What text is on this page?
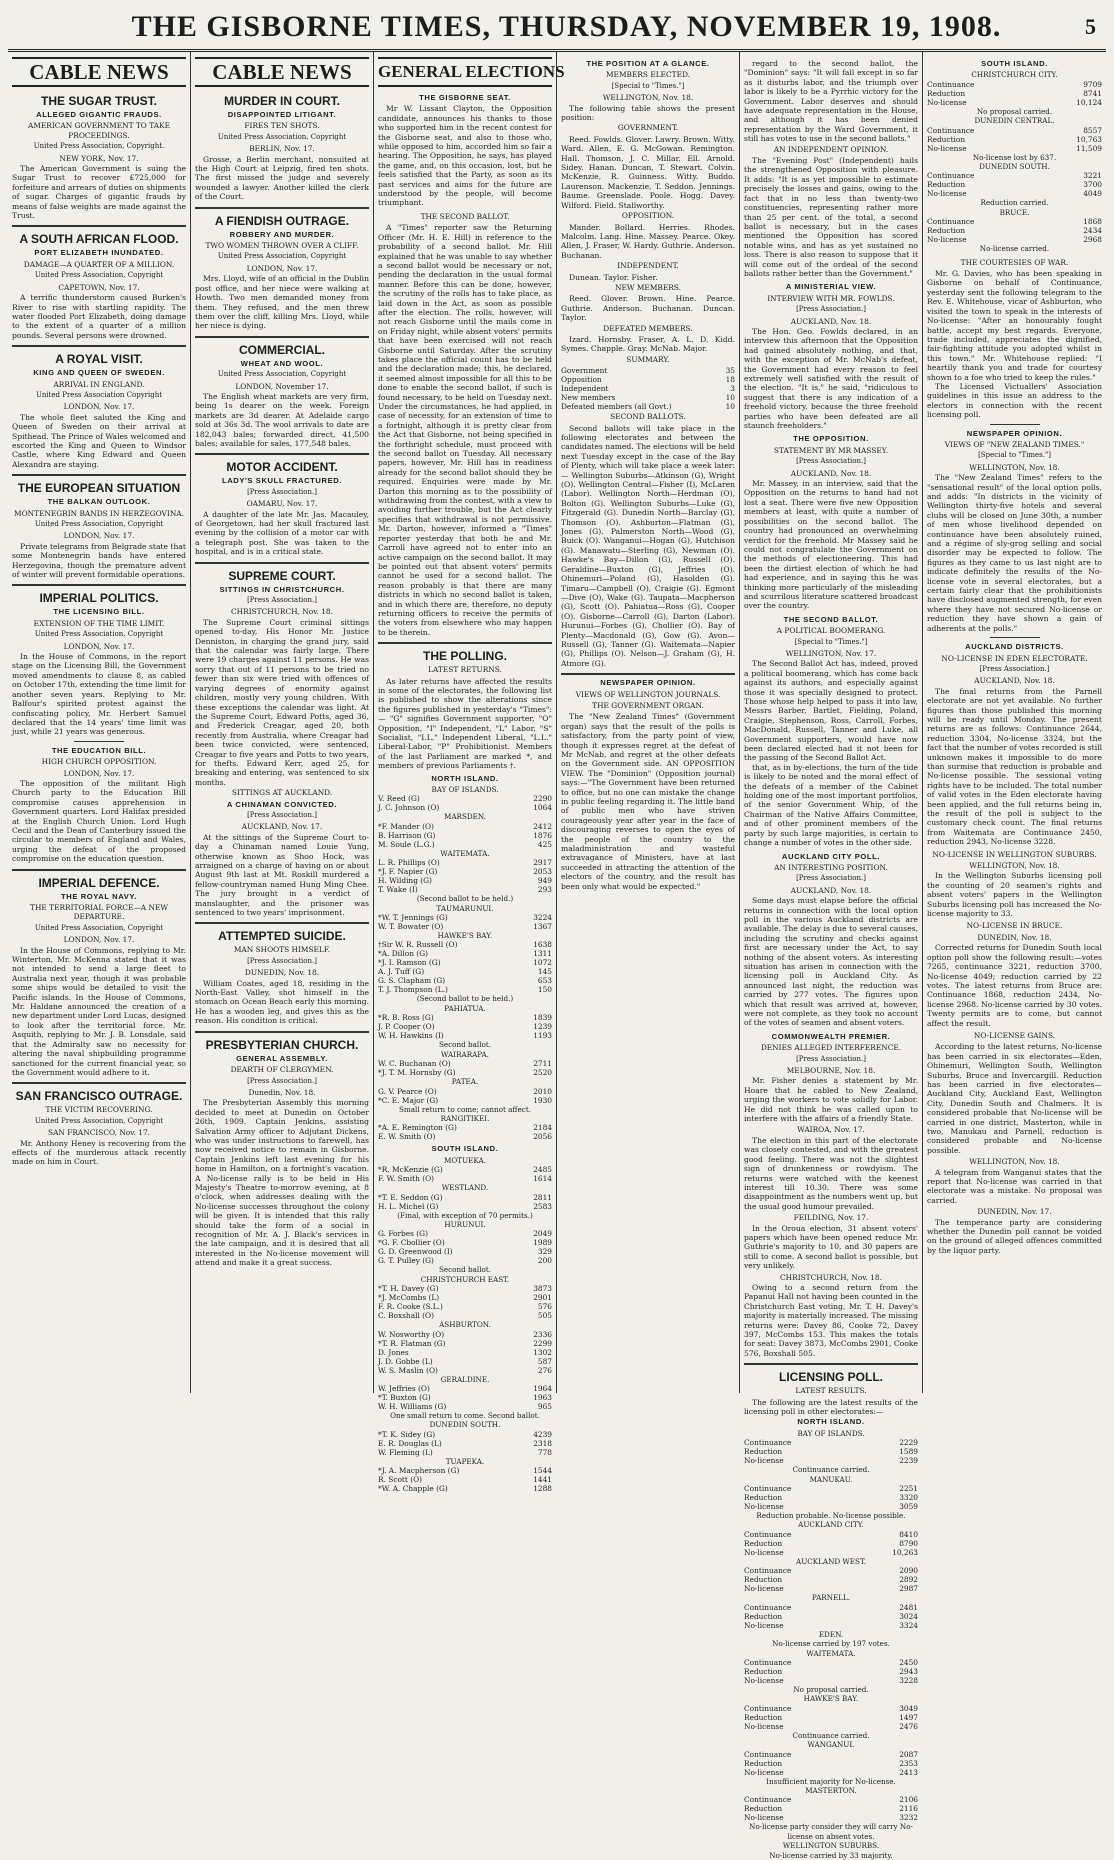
THE GISBORNE TIMES, THURSDAY, NOVEMBER 19, 1908.	5
CABLE NEWS
THE SUGAR TRUST.
ALLEGED GIGANTIC FRAUDS.
AMERICAN GOVERNMENT TO TAKE PROCEEDINGS.
United Press Association, Copyright.
NEW YORK, Nov. 17.

The American Government is suing the Sugar Trust to recover £725,000 for forfeiture and arrears of duties on shipments of sugar. Charges of gigantic frauds by means of false weights are made against the Trust.

A SOUTH AFRICAN FLOOD.
PORT ELIZABETH INUNDATED.
DAMAGE—A QUARTER OF A MILLION.
United Press Association, Copyright
CAPETOWN, Nov. 17.

A terrific thunderstorm caused Burken's River to rise with startling rapidity. The water flooded Port Elizabeth, doing damage to the extent of a quarter of a million pounds. Several persons were drowned.

A ROYAL VISIT.
KING AND QUEEN OF SWEDEN.
ARRIVAL IN ENGLAND.
United Press Association Copyright
LONDON, Nov. 17.

The whole fleet saluted the King and Queen of Sweden on their arrival at Spithead. The Prince of Wales welcomed and escorted the King and Queen to Windsor Castle, where King Edward and Queen Alexandra are staying.

THE EUROPEAN SITUATION
THE BALKAN OUTLOOK.
MONTENEGRIN BANDS IN HERZEGOVINA.
United Press Association, Copyright
LONDON, Nov. 17.

Private telegrams from Belgrade state that some Montenegrin bands have entered Herzegovina, though the premature advent of winter will prevent formidable operations.

IMPERIAL POLITICS.
THE LICENSING BILL.
EXTENSION OF THE TIME LIMIT.
United Press Association, Copyright
LONDON, Nov. 17.

In the House of Commons, in the report stage on the Licensing Bill, the Government moved amendments to clause 8, as cabled on October 17th, extending the time limit for another seven years. Replying to Mr. Balfour's spirited protest against the confiscating policy, Mr. Herbert Samuel declared that the 14 years' time limit was just, while 21 years was generous.

THE EDUCATION BILL.
HIGH CHURCH OPPOSITION.
LONDON, Nov. 17.

The opposition of the militant High Church party to the Education Bill compromise causes apprehension in Government quarters. Lord Halifax presided at the English Church Union. Lord Hugh Cecil and the Dean of Canterbury issued the circular to members of England and Wales, urging the defeat of the proposed compromise on the education question.

IMPERIAL DEFENCE.
THE ROYAL NAVY.
THE TERRITORIAL FORCE—A NEW DEPARTURE.
United Press Association, Copyright
LONDON, Nov. 17.

In the House of Commons, replying to Mr. Winterton, Mr. McKenna stated that it was not intended to send a large fleet to Australia next year, though it was probable some ships would be detailed to visit the Pacific islands. In the House of Commons, Mr. Haldane announced the creation of a new department under Lord Lucas, designed to look after the territorial force. Mr. Asquith, replying to Mr. J. B. Lonsdale, said that the Admiralty saw no necessity for altering the naval shipbuilding programme sanctioned for the current financial year, so the Government would adhere to it.

SAN FRANCISCO OUTRAGE.
THE VICTIM RECOVERING.
United Press Association, Copyright
SAN FRANCISCO, Nov. 17.

Mr. Anthony Heney is recovering from the effects of the murderous attack recently made on him in Court.

CABLE NEWS
MURDER IN COURT.
DISAPPOINTED LITIGANT.
FIRES TEN SHOTS.
United Press Association, Copyright
BERLIN, Nov. 17.

Grosse, a Berlin merchant, nonsuited at the High Court at Leipzig, fired ten shots. The first missed the judge and severely wounded a lawyer. Another killed the clerk of the Court.

A FIENDISH OUTRAGE.
ROBBERY AND MURDER.
TWO WOMEN THROWN OVER A CLIFF.
United Press Association, Copyright
LONDON, Nov. 17.

Mrs. Lloyd, wife of an official in the Dublin post office, and her niece were walking at Howth. Two men demanded money from them. They refused, and the men threw them over the cliff, killing Mrs. Lloyd, while her niece is dying.

COMMERCIAL.
WHEAT AND WOOL.
United Press Association, Copyright
LONDON, November 17.

The English wheat markets are very firm, being 1s dearer on the week. Foreign markets are 3d dearer. At Adelaide cargo sold at 36s 3d. The wool arrivals to date are 182,043 bales; forwarded direct, 41,500 bales; available for sales, 177,548 bales.

MOTOR ACCIDENT.
LADY'S SKULL FRACTURED.
[Press Association.]
OAMARU, Nov. 17.

A daughter of the late Mr. Jas. Macauley, of Georgetown, had her skull fractured last evening by the collision of a motor car with a telegraph post. She was taken to the hospital, and is in a critical state.

SUPREME COURT.
SITTINGS IN CHRISTCHURCH.
[Press Association.]
CHRISTCHURCH, Nov. 18.

The Supreme Court criminal sittings opened to-day, His Honor Mr. Justice Denniston, in charging the grand jury, said that the calendar was fairly large. There were 19 charges against 11 persons. He was sorry that out of 11 persons to be tried no fewer than six were tried with offences of varying degrees of enormity against children, mostly very young children. With these exceptions the calendar was light. At the Supreme Court, Edward Potts, aged 36, and Frederick Creagar, aged 20, both recently from Australia, where Creagar had been twice convicted, were sentenced, Creagar to five years and Potts to two years, for thefts. Edward Kerr, aged 25, for breaking and entering, was sentenced to six months.

SITTINGS AT AUCKLAND.
A CHINAMAN CONVICTED.
[Press Association.]
AUCKLAND, Nov. 17.

At the sittings of the Supreme Court to-day a Chinaman named Louie Yung, otherwise known as Shoo Hock, was arraigned on a charge of having on or about August 9th last at Mt. Roskill murdered a fellow-countryman named Hung Ming Chee. The jury brought in a verdict of manslaughter, and the prisoner was sentenced to two years' imprisonment.

ATTEMPTED SUICIDE.
MAN SHOOTS HIMSELF.
[Press Association.]
DUNEDIN, Nov. 18.

William Coates, aged 18, residing in the North-East Valley, shot himself in the stomach on Ocean Beach early this morning. He has a wooden leg, and gives this as the reason. His condition is critical.

PRESBYTERIAN CHURCH.
GENERAL ASSEMBLY.
DEARTH OF CLERGYMEN.
[Press Association.]
Dunedin, Nov. 18.

The Presbyterian Assembly this morning decided to meet at Dunedin on October 26th, 1909. Captain Jenkins, assisting Salvation Army officer to Adjutant Dickens, who was under instructions to farewell, has now received notice to remain in Gisborne. Captain Jenkins left last evening for his home in Hamilton, on a fortnight's vacation. A No-license rally is to be held in His Majesty's Theatre to-morrow evening, at 8 o'clock, when addresses dealing with the No-license successes throughout the colony will be given. It is intended that this rally should take the form of a social in recognition of Mr. A. J. Black's services in the late campaign, and it is desired that all interested in the No-license movement will attend and make it a great success.

GENERAL ELECTIONS
THE GISBORNE SEAT.

Mr W. Lissant Clayton, the Opposition candidate, announces his thanks to those who supported him in the recent contest for the Gisborne seat, and also to those who, while opposed to him, accorded him so fair a hearing. The Opposition, he says, has played the game, and, on this occasion, lost, but he feels satisfied that the Party, as soon as its past services and aims for the future are understood by the people, will become triumphant.

THE SECOND BALLOT.

A "Times" reporter saw the Returning Officer (Mr. H. E. Hill) in reference to the probability of a second ballot. Mr. Hill explained that he was unable to say whether a second ballot would be necessary or not, pending the declaration in the usual formal manner. Before this can be done, however, the scrutiny of the rolls has to take place, as laid down in the Act, as soon as possible after the election. The rolls, however, will not reach Gisborne until the mails come in on Friday night, while absent voters' permits that have been exercised will not reach Gisborne until Saturday. After the scrutiny takes place the official count has to be held and the declaration made; this, he declared, it seemed almost impossible for all this to be done to enable the second ballot, if such is found necessary, to be held on Tuesday next. Under the circumstances, he had applied, in case of necessity, for an extension of time to a fortnight, although it is pretty clear from the Act that Gisborne, not being specified in the forthright schedule, must proceed with the second ballot on Tuesday. All necessary papers, however, Mr. Hill has in readiness already for the second ballot should they be required. Enquiries were made by Mr. Darton this morning as to the possibility of withdrawing from the contest, with a view to avoiding further trouble, but the Act clearly specifies that withdrawal is not permissive. Mr. Darton, however, informed a "Times" reporter yesterday that both he and Mr. Carroll have agreed not to enter into an active campaign on the second ballot. It may be pointed out that absent voters' permits cannot be used for a second ballot. The reason probably is that there are many districts in which no second ballot is taken, and in which there are, therefore, no deputy returning officers to receive the permits of the voters from elsewhere who may happen to be therein.

THE POLLING.
LATEST RETURNS.

As later returns have affected the results in some of the electorates, the following list is published to show the alterations since the figures published in yesterday's "Times":— "G" signifies Government supporter, "O" Opposition, "I" Independent, "L" Labor, "S" Socialist, "I.L." Independent Liberal, "L.L." Liberal-Labor, "P" Prohibitionist. Members of the last Parliament are marked *, and members of previous Parliaments †.

NORTH ISLAND.
BAY OF ISLANDS.
V. Reed (G)	2290
J. C. Johnson (O)	1064
MARSDEN.
*F. Mander (O)	2412
B. Harrison (G)	1876
M. Soule (L.G.)	425
WAITEMATA.
L. R. Phillips (O)	2917
*J. F. Napier (G)	2053
H. Wilding (G)	949
T. Wake (I)	293
(Second ballot to be held.)
TAUMARUNUI.
*W. T. Jennings (G)	3224
W. T. Bowater (O)	1367
HAWKE'S BAY.
†Sir W. R. Russell (O)	1638
*A. Dillon (G)	1311
*J. I. Ramson (G)	1072
A. J. Tuff (G)	145
G. S. Clapham (G)	653
T. J. Thompson (L.)	150
(Second ballot to be held.)
PAHIATUA.
*R. B. Ross (G)	1839
J. P. Cooper (O)	1239
W. H. Hawkins (I)	1193
Second ballot.
WAIRARAPA.
W. C. Buchanan (O)	2711
*J. T. M. Hornsby (G)	2520
PATEA.
G. V. Pearce (O)	2010
*C. E. Major (G)	1930
Small return to come; cannot affect.
RANGITIKEI.
*A. E. Remington (G)	2184
E. W. Smith (O)	2056
SOUTH ISLAND.
MOTUEKA.
*R. McKenzie (G)	2485
F. W. Smith (O)	1614
WESTLAND.
*T. E. Seddon (G)	2811
H. L. Michel (G)	2583
(Final, with exception of 70 permits.)
HURUNUI.
G. Forbes (G)	2049
*G. F. Cbollier (O)	1989
G. D. Greenwood (I)	329
G. T. Pulley (G)	200
Second ballot.
CHRISTCHURCH EAST.
*T. H. Davey (G)	3873
*J. McCombs (L)	2901
F. R. Cooke (S.L.)	576
C. Boxshall (O)	505
ASHBURTON.
W. Nosworthy (O)	2336
*T. R. Flatman (G)	2299
D. Jones	1302
J. D. Gobbe (L)	587
W. S. Maslin (O)	276
GERALDINE.
W. Jeffries (O)	1964
*T. Buxton (G)	1963
W. H. Williams (G)	965
One small return to come. Second ballot.
DUNEDIN SOUTH.
*T. K. Sidey (G)	4239
E. R. Douglas (L)	2318
W. Fleming (L)	778
TUAPEKA.
*J. A. Macpherson (G)	1544
R. Scott (O)	1441
*W. A. Chapple (G)	1288
THE POSITION AT A GLANCE.
MEMBERS ELECTED.
[Special to "Times."]
WELLINGTON, Nov. 18.

The following table shows the present position:

GOVERNMENT.

Reed. Fowlds. Glover. Lawry. Brown. Witty. Ward. Allen, E. G. McGowan. Remington. Hall. Thomson, J. C. Millar. Ell. Arnold. Sidey. Hanan. Duncan, T. Stewart. Colvin. McKenzie, R. Guinness. Witty. Buddo. Laurenson. Mackenzie, T. Seddon. Jennings. Baume. Greenslade. Poole. Hogg. Davey. Wilford. Field. Stallworthy.

OPPOSITION.

Mander. Bollard. Herries. Rhodes. Malcolm. Lang. Hine. Massey. Pearce. Okey. Allen, J. Fraser, W. Hardy. Guthrie. Anderson. Buchanan.

INDEPENDENT.

Dunean. Taylor. Fisher.

NEW MEMBERS.

Reed. Glover. Brown. Hine. Pearce. Guthrie. Anderson. Buchanan. Duncan. Taylor.

DEFEATED MEMBERS.

Izard. Hornsby. Fraser, A. L. D. Kidd. Symes. Chapple. Gray. McNab. Major.

SUMMARY.
Government	35
Opposition	18
Independent	3
New members	10
Defeated members (all Govt.)	10
SECOND BALLOTS.

Second ballots will take place in the following electorates and between the candidates named. The elections will be held next Tuesday except in the case of the Bay of Plenty, which will take place a week later:— Wellington Suburbs—Atkinson (G), Wright (O). Wellington Central—Fisher (I), McLaren (Labor). Wellington North—Herdman (O), Bolton (G). Wellington Suburbs—Luke (G), Fitzgerald (G). Dunedin North—Barclay (G), Thomson (O). Ashburton—Flatman (G), Jones (G). Palmerston North—Wood (G), Buick (O). Wanganui—Hogan (G), Hutchison (G). Manawatu—Sterling (G), Newman (O). Hawke's Bay—Dillon (G), Russell (O). Geraldine—Buxton (G), Jeffries (O). Ohinemuri—Poland (G), Hasolden (G). Timaru—Campbell (O), Craigie (G). Egmont—Dive (O), Wake (G). Taupata—Macpherson (G), Scott (O). Pahiatua—Ross (G), Cooper (O). Gisborne—Carroll (G), Darton (Labor). Hurunui—Forbes (G), Chollier (O). Bay of Plenty—Macdonald (G), Gow (G). Avon—Russell (G), Tanner (G). Waitemata—Napier (G), Phillips (O). Nelson—J. Graham (G), H. Atmore (G).

NEWSPAPER OPINION.
VIEWS OF WELLINGTON JOURNALS.
THE GOVERNMENT ORGAN.

The "New Zealand Times" (Government organ) says that the result of the polls is satisfactory, from the party point of view, though it expresses regret at the defeat of Mr McNab, and regret at the other defeats on the Government side. AN OPPOSITION VIEW. The "Dominion" (Opposition journal) says:—"The Government have been returned to office, but no one can mistake the change in public feeling regarding it. The little band of public men who have striven courageously year after year in the face of discouraging reverses to open the eyes of the people of the country to the maladministration and wasteful extravagance of Ministers, have at last succeeded in attracting the attention of the electors of the country, and the result has been only what would be expected."

regard to the second ballot, the "Dominion" says: "It will fall except in so far as it disturbs labor, and the triumph over labor is likely to be a Pyrrhic victory for the Government. Labor deserves and should have adequate representation in the House, and although it has been denied representation by the Ward Government, it still has votes to use in the second ballots."

AN INDEPENDENT OPINION.

The "Evening Post" (Independent) hails the strengthened Opposition with pleasure. It adds: "It is as yet impossible to estimate precisely the losses and gains, owing to the fact that in no less than twenty-two constituencies, representing rather more than 25 per cent. of the total, a second ballot is necessary, but in the cases mentioned the Opposition has scored notable wins, and has as yet sustained no loss. There is also reason to suppose that it will come out of the ordeal of the second ballots rather better than the Government."

A MINISTERIAL VIEW.
INTERVIEW WITH MR. FOWLDS.
[Press Association.]
AUCKLAND, Nov. 18.

The Hon. Geo. Fowlds declared, in an interview this afternoon that the Opposition had gained absolutely nothing, and that, with the exception of Mr. McNab's defeat, the Government had every reason to feel extremely well satisfied with the result of the election. "It is," he said, "ridiculous to suggest that there is any indication of a freehold victory, because the three freehold parties who have been defeated are all staunch freeholders."

THE OPPOSITION.
STATEMENT BY MR MASSEY.
[Press Association.]
AUCKLAND, Nov. 18.

Mr. Massey, in an interview, said that the Opposition on the returns to hand had not lost a seat. There were five new Opposition members at least, with quite a number of possibilities on the second ballot. The country had pronounced an overwhelming verdict for the freehold. Mr Massey said he could not congratulate the Government on the methods of electioneering. This had been the dirtiest election of which he had had experience, and in saying this he was thinking more particularly of the misleading and scurrilous literature scattered broadcast over the country.

THE SECOND BALLOT.
A POLITICAL BOOMERANG.
[Special to "Times."]
WELLINGTON, Nov. 17.

The Second Ballot Act has, indeed, proved a political boomerang, which has come back against its authors, and especially against those it was specially designed to protect. Those whose help helped to pass it into law, Messrs Barber, Bartlet, Fielding, Poland, Craigie, Stephenson, Ross, Carroll, Forbes, MacDonald, Russell, Tanner and Luke, all Government supporters, would have now been declared elected had it not been for the passing of the Second Ballot Act.

that, as in by-elections, the turn of the tide is likely to be noted and the moral effect of the defeats of a member of the Cabinet holding one of the most important portfolios, of the senior Government Whip, of the Chairman of the Native Affairs Committee, and of other prominent members of the party by such large majorities, is certain to change a number of votes in the other side.

AUCKLAND CITY POLL.
AN INTERESTING POSITION.
[Press Association.]
AUCKLAND, Nov. 18.

Some days must elapse before the official returns in connection with the local option poll in the various Auckland districts are available. The delay is due to several causes, including the scrutiny and checks against first are necessary under the Act, to say nothing of the absent voters. As interesting situation has arisen in connection with the licensing poll in Auckland City. As announced last night, the reduction was carried by 277 votes. The figures upon which that result was arrived at, however, were not complete, as they took no account of the votes of seamen and absent voters.

COMMONWEALTH PREMIER.
DENIES ALLEGED INTERFERENCE.
[Press Association.]
MELBOURNE, Nov. 18.

Mr. Fisher denies a statement by Mr. Hoare that he cabled to New Zealand, urging the workers to vote solidly for Labor. He did not think he was called upon to interfere with the affairs of a friendly State.

WAIROA, Nov. 17.

The election in this part of the electorate was closely contested, and with the greatest good feeling. There was not the slightest sign of drunkenness or rowdyism. The returns were watched with the keenest interest till 10.30. There was some disappointment as the numbers went up, but the usual good humour prevailed.

FEILDING, Nov. 17.

In the Oroua election, 31 absent voters' papers which have been opened reduce Mr. Guthrie's majority to 10, and 30 papers are still to come. A second ballot is possible, but very unlikely.

CHRISTCHURCH, Nov. 18.

Owing to a second return from the Papanui Hall not having been counted in the Christchurch East voting, Mr. T. H. Davey's majority is materially increased. The missing returns were: Davey 86, Cooke 72, Davey 397, McCombs 153. This makes the totals for seat: Davey 3873, McCombs 2901, Cooke 576, Boxshall 505.

LICENSING POLL.
LATEST RESULTS.

The following are the latest results of the licensing poll in other electorates:—

NORTH ISLAND.
BAY OF ISLANDS.
Continuance	2229
Reduction	1589
No-license	2239
Continuance carried.
MANUKAU.
Continuance	2251
Reduction	3320
No-license	3059
Reduction probable. No-license possible.
AUCKLAND CITY.
Continuance	8410
Reduction	8790
No-license	10,263
AUCKLAND WEST.
Continuance	2090
Reduction	2892
No-license	2987
PARNELL.
Continuance	2481
Reduction	3024
No-license	3324
EDEN.
No-license carried by 197 votes.
WAITEMATA.
Continuance	2450
Reduction	2943
No-license	3228
No proposal carried.
HAWKE'S BAY.
Continuance	3049
Reduction	1497
No-license	2476
Continuance carried.
WANGANUI.
Continuance	2087
Reduction	2353
No-license	2413
Insufficient majority for No-license.
MASTERTON.
Continuance	2106
Reduction	2116
No-license	3232
No-license party consider they will carry No-license on absent votes.
WELLINGTON SUBURBS.
No-license carried by 33 majority.
SOUTH ISLAND.
CHRISTCHURCH CITY.
Continuance	9709
Reduction	8741
No-license	10,124
No proposal carried.
DUNEDIN CENTRAL.
Continuance	8557
Reduction	10,763
No-license	11,509
No-license lost by 637.
DUNEDIN SOUTH.
Continuance	3221
Reduction	3700
No-license	4049
Reduction carried.
BRUCE.
Continuance	1868
Reduction	2434
No-license	2968
No-license carried.
THE COURTESIES OF WAR.

Mr. G. Davies, who has been speaking in Gisborne on behalf of Continuance, yesterday sent the following telegram to the Rev. E. Whitehouse, vicar of Ashburton, who visited the town to speak in the interests of No-license: "After an honourably fought battle, accept my best regards. Everyone, trade included, appreciates the dignified, fair-fighting attitude you adopted whilst in this town." Mr. Whitehouse replied: "I heartily thank you and trade for courtesy shown to a foe who tried to keep the rules."

The Licensed Victuallers' Association guidelines in this issue an address to the electors in connection with the recent licensing poll.

NEWSPAPER OPINION.
VIEWS OF "NEW ZEALAND TIMES."
[Special to "Times."]
WELLINGTON, Nov. 18.

The "New Zealand Times" refers to the "sensational result" of the local option polls, and adds: "In districts in the vicinity of Wellington thirty-five hotels and several clubs will be closed on June 30th, a number of men whose livelihood depended on continuance have been absolutely ruined, and a régime of sly-grog selling and social disorder may be expected to follow. The figures as they came to us last night are to indicate definitely the results of the No-license vote in several electorates, but a certain fairly clear that the prohibitionists have disclosed augmented strength, for even where they have not secured No-license or reduction they have shown a gain of adherents at the polls."

AUCKLAND DISTRICTS.
NO-LICENSE IN EDEN ELECTORATE.
[Press Association.]
AUCKLAND, Nov. 18.

The final returns from the Parnell electorate are not yet available. No further figures than those published this morning will be ready until Monday. The present returns are as follows: Continuance 2644, reduction 3304, No-license 3324, but the fact that the number of votes recorded is still unknown makes it impossible to do more than surmise that reduction is probable and No-license possible. The sessional voting rights have to be included. The total number of valid votes in the Eden electorate having been applied, and the full returns being in, the result of the poll is subject to the customary check count. The final returns from Waitemata are Continuance 2450, reduction 2943, No-license 3228.

NO-LICENSE IN WELLINGTON SUBURBS.
WELLINGTON, Nov. 18.

In the Wellington Suburbs licensing poll the counting of 20 seamen's rights and absent voters' papers in the Wellington Suburbs licensing poll has increased the No-license majority to 33.

NO-LICENSE IN BRUCE.
DUNEDIN, Nov. 18.

Corrected returns for Dunedin South local option poll show the following result:—votes 7265, continuance 3221, reduction 3700, No-license 4049; reduction carried by 22 votes. The latest returns from Bruce are: Continuance 1868, reduction 2434, No-license 2968. No-license carried by 30 votes. Twenty permits are to come, but cannot affect the result.

NO-LICENSE GAINS.

According to the latest returns, No-license has been carried in six electorates—Eden, Ohinemuri, Wellington South, Wellington Suburbs, Bruce and Invercargill. Reduction has been carried in five electorates—Auckland City, Auckland East, Wellington City, Dunedin South and Chalmers. It is considered probable that No-license will be carried in one district, Masterton, while in two, Manukau and Parnell, reduction is considered probable and No-license possible.

WELLINGTON, Nov. 18.

A telegram from Wanganui states that the report that No-license was carried in that electorate was a mistake. No proposal was carried.

DUNEDIN, Nov. 17.

The temperance party are considering whether the Dunedin poll cannot be voided on the ground of alleged offences committed by the liquor party.
